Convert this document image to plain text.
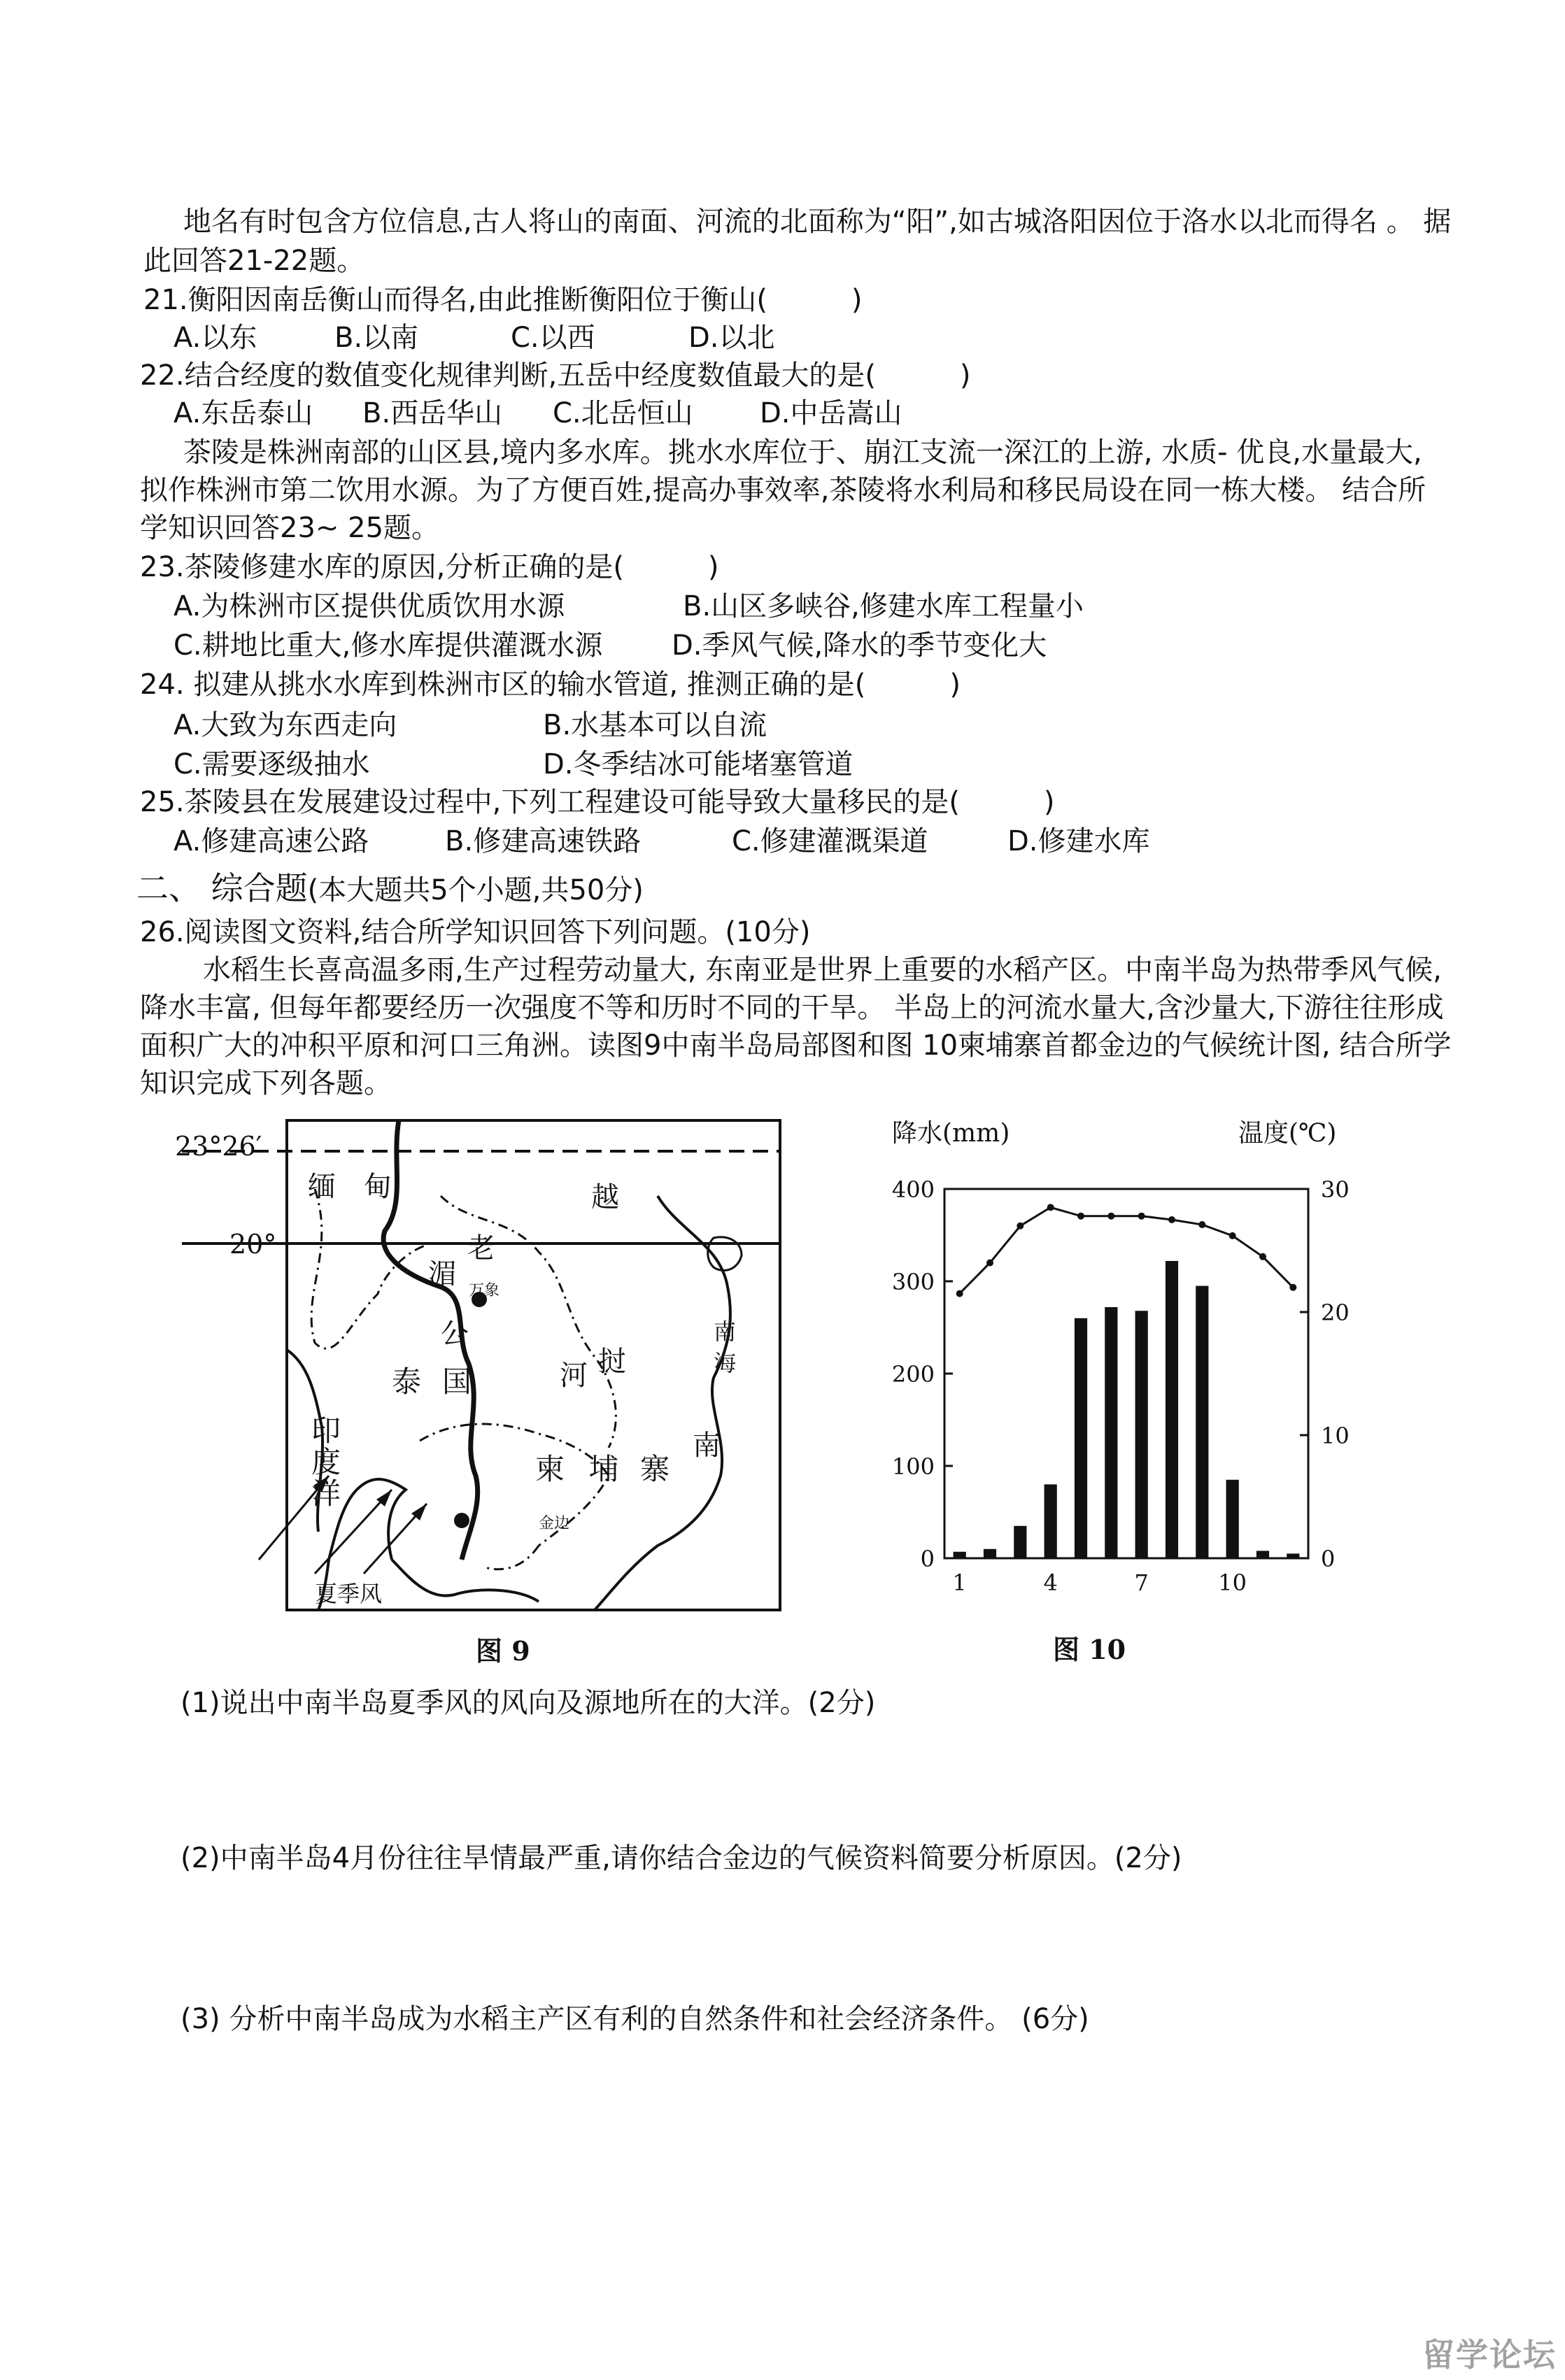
地名有时包含方位信息,古人将山的南面、河流的北面称为“阳”,如古城洛阳因位于洛水以北而得名 。 据
此回答21-22题。
21.衡阳因南岳衡山而得名,由此推断衡阳位于衡山(　　　)
A.以东	B.以南	C.以西	D.以北
22.结合经度的数值变化规律判断,五岳中经度数值最大的是(　　　)
A.东岳泰山 B.西岳华山 C.北岳恒山 D.中岳嵩山
茶陵是株洲南部的山区县,境内多水库。挑水水库位于、崩江支流一深江的上游, 水质- 优良,水量最大,
拟作株洲市第二饮用水源。为了方便百姓,提高办事效率,茶陵将水利局和移民局设在同一栋大楼。 结合所
学知识回答23~ 25题。
23.茶陵修建水库的原因,分析正确的是(　　　)
A.为株洲市区提供优质饮用水源	B.山区多峡谷,修建水库工程量小
C.耕地比重大,修水库提供灌溉水源 D.季风气候,降水的季节变化大
24. 拟建从挑水水库到株洲市区的输水管道, 推测正确的是(　　　)
A.大致为东西走向	B.水基本可以自流
C.需要逐级抽水	D.冬季结冰可能堵塞管道
25.茶陵县在发展建设过程中,下列工程建设可能导致大量移民的是(　　　)
A.修建高速公路	B.修建高速铁路	C.修建灌溉渠道	D.修建水库
二、 综合题(本大题共5个小题,共50分)
26.阅读图文资料,结合所学知识回答下列问题。(10分)
水稻生长喜高温多雨,生产过程劳动量大, 东南亚是世界上重要的水稻产区。中南半岛为热带季风气候,
降水丰富, 但每年都要经历一次强度不等和历时不同的干旱。 半岛上的河流水量大,含沙量大,下游往往形成
面积广大的冲积平原和河口三角洲。读图9中南半岛局部图和图 10柬埔寨首都金边的气候统计图, 结合所学
知识完成下列各题。
23°26′
20°
缅 甸	越
老
挝
湄
公
河
万象
泰 国
南
海
南
印
度
洋
柬 埔 寨
金边
夏季风
图 9
降水(mm)	温度(℃)
0
100
200
300
400
0
10
20
30
1	4	7	10
图 10
(1)说出中南半岛夏季风的风向及源地所在的大洋。(2分)
(2)中南半岛4月份往往旱情最严重,请你结合金边的气候资料简要分析原因。(2分)
(3) 分析中南半岛成为水稻主产区有利的自然条件和社会经济条件。 (6分)
留学论坛
